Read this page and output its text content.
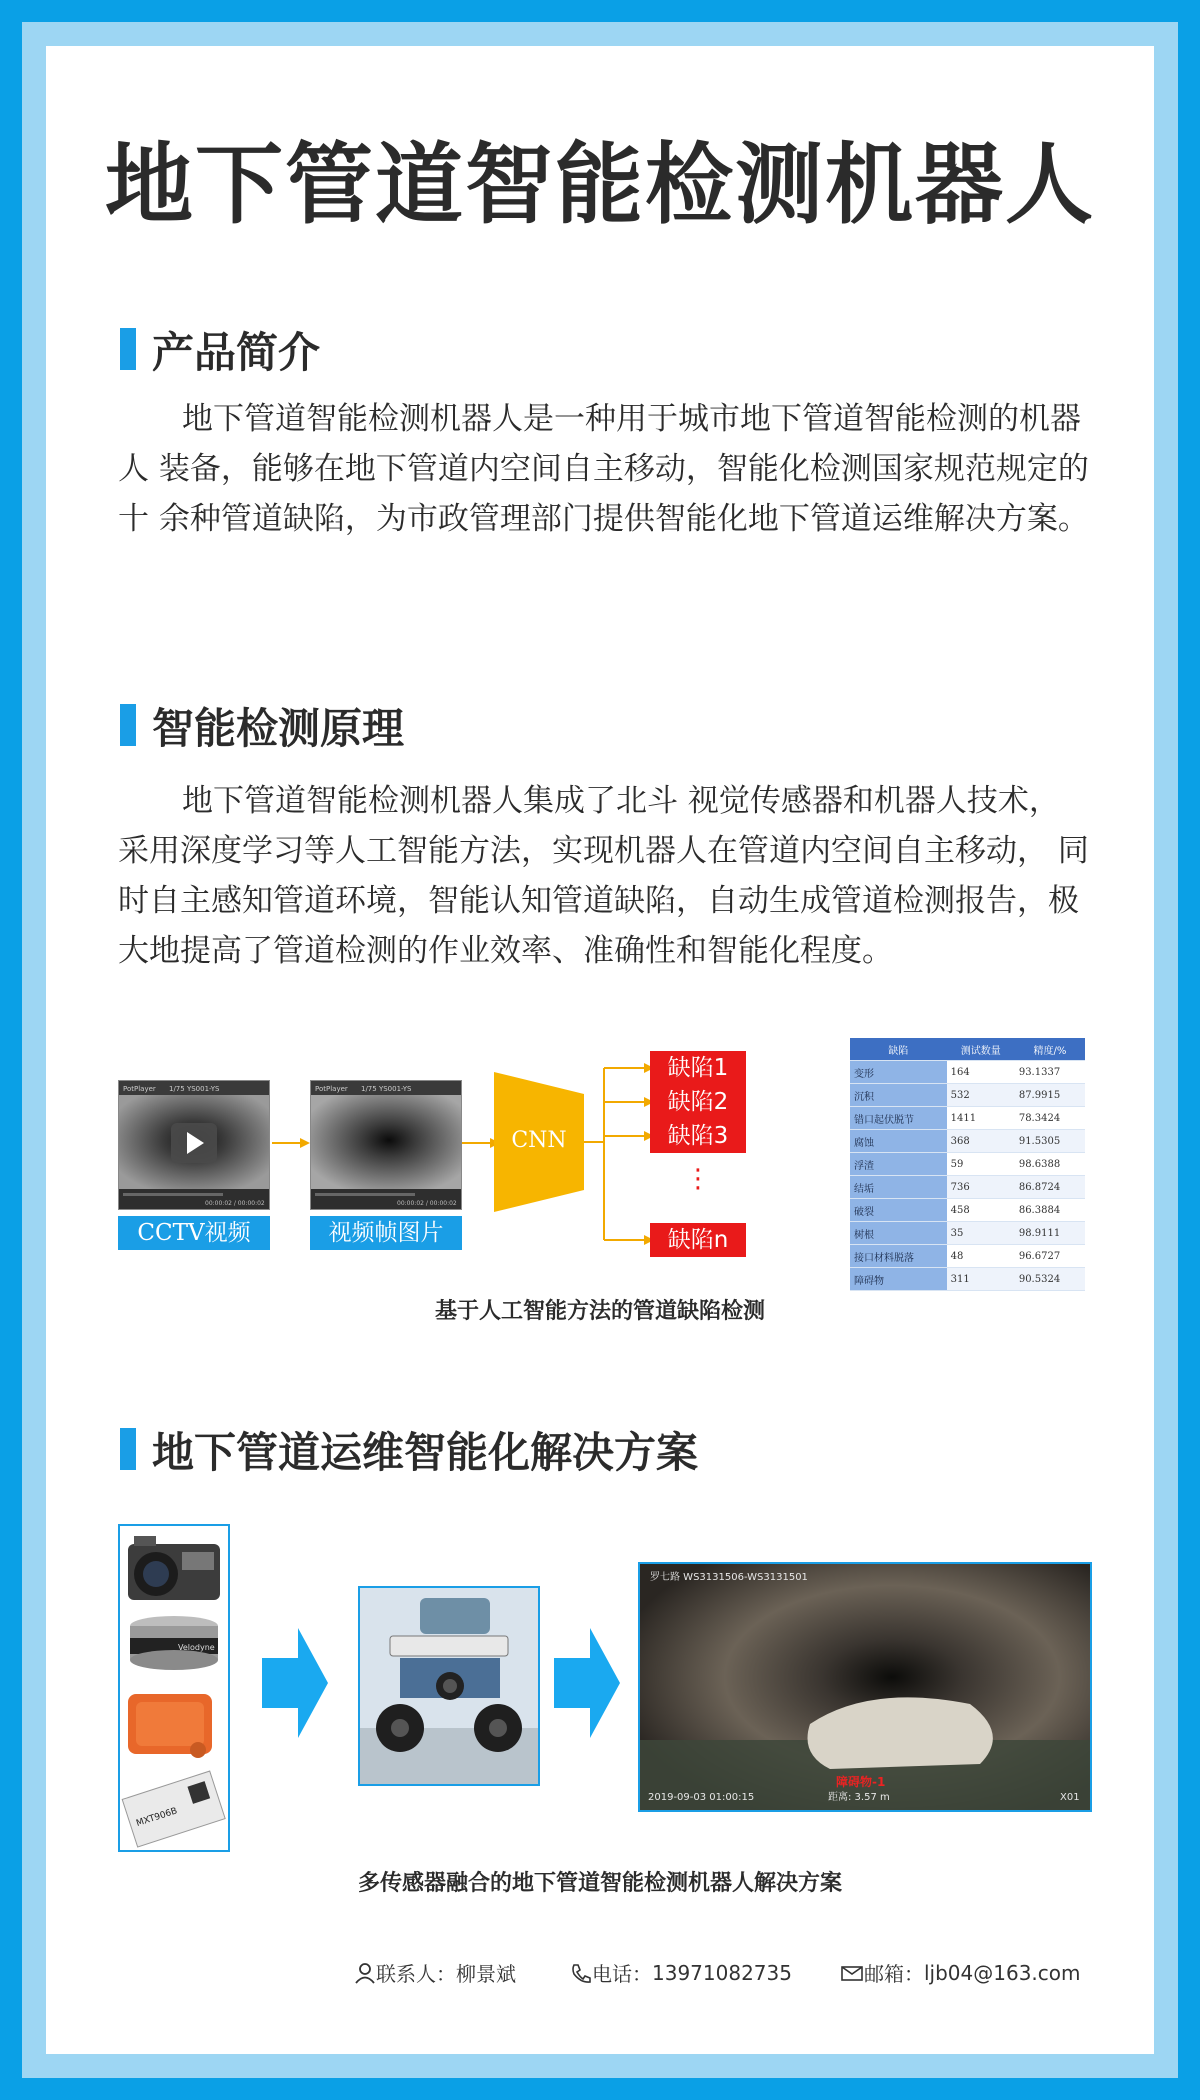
地下管道智能检测机器人
产品简介
地下管道智能检测机器人是一种用于城市地下管道智能检测的机器人 装备，能够在地下管道内空间自主移动，智能化检测国家规范规定的十 余种管道缺陷，为市政管理部门提供智能化地下管道运维解决方案。
智能检测原理
地下管道智能检测机器人集成了北斗 视觉传感器和机器人技术，采用深度学习等人工智能方法，实现机器人在管道内空间自主移动， 同时自主感知管道环境，智能认知管道缺陷，自动生成管道检测报告，极大地提高了管道检测的作业效率、准确性和智能化程度。
PotPlayer 1/75 YS001-YS
00:00:02 / 00:00:02
CCTV视频
PotPlayer 1/75 YS001-YS
00:00:02 / 00:00:02
视频帧图片
CNN
缺陷1
缺陷2
缺陷3
⋮
缺陷n
缺陷	测试数量	精度/%
变形	164	93.1337
沉积	532	87.9915
错口起伏脱节	1411	78.3424
腐蚀	368	91.5305
浮渣	59	98.6388
结垢	736	86.8724
破裂	458	86.3884
树根	35	98.9111
接口材料脱落	48	96.6727
障碍物	311	90.5324
基于人工智能方法的管道缺陷检测
地下管道运维智能化解决方案
Velodyne
MXT906B
罗七路 WS3131506-WS3131501
2019-09-03 01:00:15	距离: 3.57 m
障碍物-1
X01
多传感器融合的地下管道智能检测机器人解决方案
联系人： 柳景斌	电话： 13971082735	邮箱： ljb04@163.com
